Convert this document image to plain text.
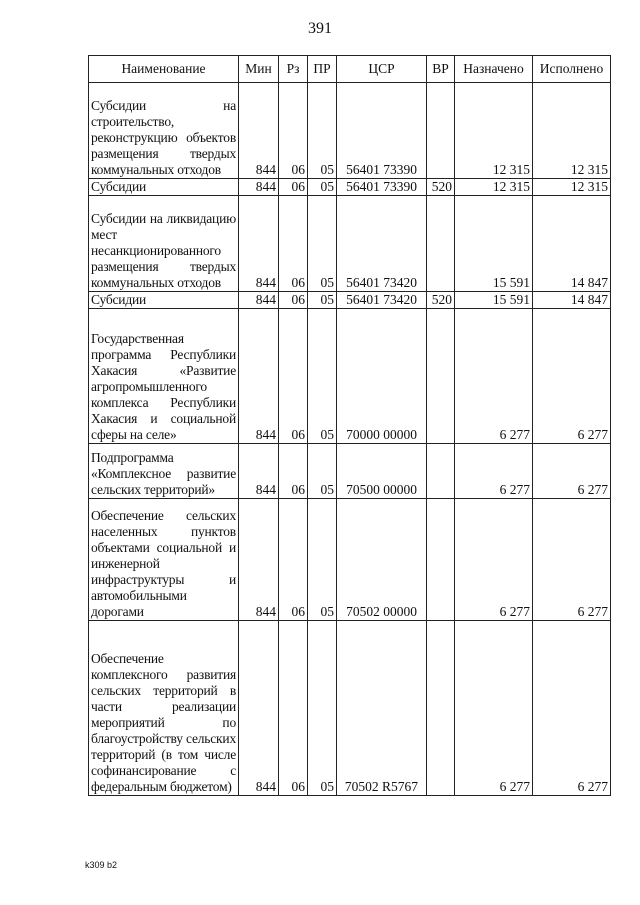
391
Наименование	Мин	Рз	ПР	ЦСР	ВР	Назначено	Исполнено
Субсидии на строительство, реконструкцию объектов размещения твердых коммунальных отходов	844	06	05	56401 73390		12 315	12 315
Субсидии	844	06	05	56401 73390	520	12 315	12 315
Субсидии на ликвидацию мест несанкционированного размещения твердых коммунальных отходов	844	06	05	56401 73420		15 591	14 847
Субсидии	844	06	05	56401 73420	520	15 591	14 847
Государственная программа Республики Хакасия «Развитие агропромышленного комплекса Республики Хакасия и социальной сферы на селе»	844	06	05	70000 00000		6 277	6 277
Подпрограмма «Комплексное развитие сельских территорий»	844	06	05	70500 00000		6 277	6 277
Обеспечение сельских населенных пунктов объектами социальной и инженерной инфраструктуры и автомобильными дорогами	844	06	05	70502 00000		6 277	6 277
Обеспечение комплексного развития сельских территорий в части реализации мероприятий по благоустройству сельских территорий (в том числе софинансирование с федеральным бюджетом)	844	06	05	70502 R5767		6 277	6 277
k309 b2
